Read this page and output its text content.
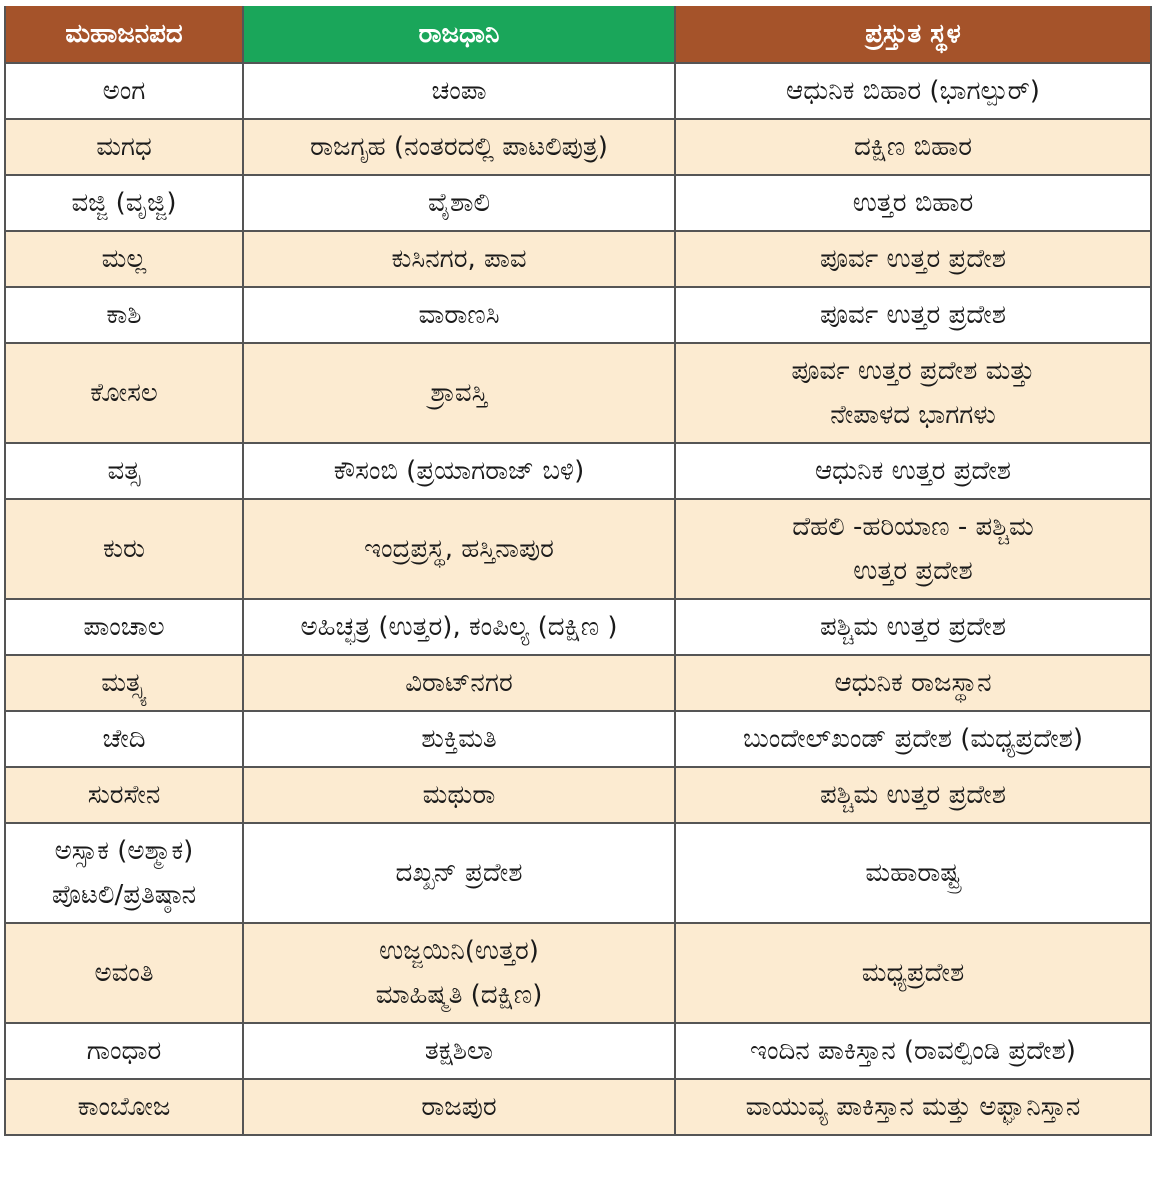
ಮಹಾಜನಪದ	ರಾಜಧಾನಿ	ಪ್ರಸ್ತುತ ಸ್ಥಳ
ಅಂಗ	ಚಂಪಾ	ಆಧುನಿಕ ಬಿಹಾರ (ಭಾಗಲ್ಪುರ್)
ಮಗಧ	ರಾಜಗೃಹ (ನಂತರದಲ್ಲಿ ಪಾಟಲಿಪುತ್ರ)	ದಕ್ಷಿಣ ಬಿಹಾರ
ವಜ್ಜಿ (ವೃಜ್ಜಿ)	ವೈಶಾಲಿ	ಉತ್ತರ ಬಿಹಾರ
ಮಲ್ಲ	ಕುಸಿನಗರ, ಪಾವ	ಪೂರ್ವ ಉತ್ತರ ಪ್ರದೇಶ
ಕಾಶಿ	ವಾರಾಣಸಿ	ಪೂರ್ವ ಉತ್ತರ ಪ್ರದೇಶ
ಕೋಸಲ	ಶ್ರಾವಸ್ತಿ	ಪೂರ್ವ ಉತ್ತರ ಪ್ರದೇಶ ಮತ್ತು
ನೇಪಾಳದ ಭಾಗಗಳು
ವತ್ಸ	ಕೌಸಂಬಿ (ಪ್ರಯಾಗರಾಜ್ ಬಳಿ)	ಆಧುನಿಕ ಉತ್ತರ ಪ್ರದೇಶ
ಕುರು	ಇಂದ್ರಪ್ರಸ್ಥ, ಹಸ್ತಿನಾಪುರ	ದೆಹಲಿ -ಹರಿಯಾಣ - ಪಶ್ಚಿಮ
ಉತ್ತರ ಪ್ರದೇಶ
ಪಾಂಚಾಲ	ಅಹಿಚ್ಛತ್ರ (ಉತ್ತರ), ಕಂಪಿಲ್ಯ (ದಕ್ಷಿಣ )	ಪಶ್ಚಿಮ ಉತ್ತರ ಪ್ರದೇಶ
ಮತ್ಸ್ಯ	ವಿರಾಟ್‌ನಗರ	ಆಧುನಿಕ ರಾಜಸ್ಥಾನ
ಚೇದಿ	ಶುಕ್ತಿಮತಿ	ಬುಂದೇಲ್‌ಖಂಡ್ ಪ್ರದೇಶ (ಮಧ್ಯಪ್ರದೇಶ)
ಸುರಸೇನ	ಮಥುರಾ	ಪಶ್ಚಿಮ ಉತ್ತರ ಪ್ರದೇಶ
ಅಸ್ಸಾಕ (ಅಶ್ಮಾಕ)
ಪೊಟಲಿ/ಪ್ರತಿಷ್ಠಾನ	ದಖ್ಖನ್ ಪ್ರದೇಶ	ಮಹಾರಾಷ್ಟ್ರ
ಅವಂತಿ	ಉಜ್ಜಯಿನಿ(ಉತ್ತರ)
ಮಾಹಿಷ್ಮತಿ (ದಕ್ಷಿಣ)	ಮಧ್ಯಪ್ರದೇಶ
ಗಾಂಧಾರ	ತಕ್ಷಶಿಲಾ	ಇಂದಿನ ಪಾಕಿಸ್ತಾನ (ರಾವಲ್ಪಿಂಡಿ ಪ್ರದೇಶ)
ಕಾಂಬೋಜ	ರಾಜಪುರ	ವಾಯುವ್ಯ ಪಾಕಿಸ್ತಾನ ಮತ್ತು ಅಫ್ಘಾನಿಸ್ತಾನ
